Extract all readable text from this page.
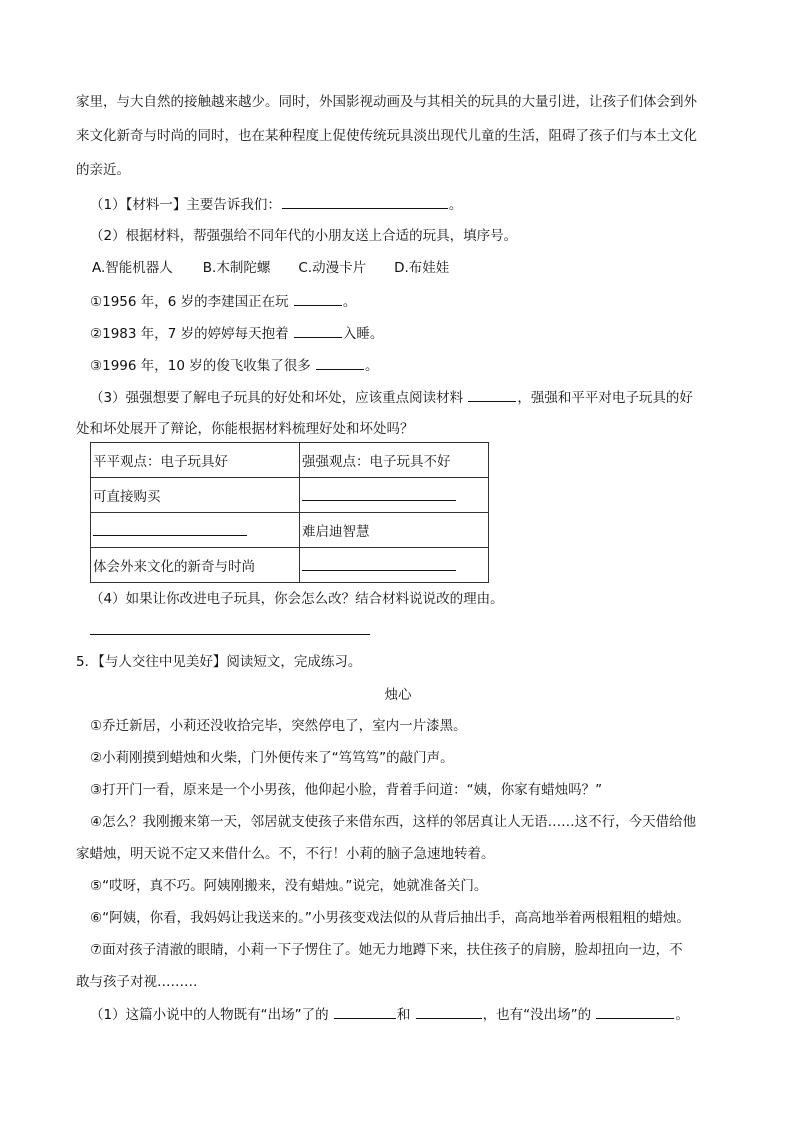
家里，与大自然的接触越来越少。同时，外国影视动画及与其相关的玩具的大量引进，让孩子们体会到外
来文化新奇与时尚的同时，也在某种程度上促使传统玩具淡出现代儿童的生活，阻碍了孩子们与本土文化
的亲近。
（1）【材料一】主要告诉我们：	。
（2）根据材料，帮强强给不同年代的小朋友送上合适的玩具，填序号。
A.智能机器人 B.木制陀螺 C.动漫卡片 D.布娃娃
①1956 年，6 岁的李建国正在玩	。
②1983 年，7 岁的婷婷每天抱着	入睡。
③1996 年，10 岁的俊飞收集了很多	。
（3）强强想要了解电子玩具的好处和坏处，应该重点阅读材料	，强强和平平对电子玩具的好
处和坏处展开了辩论，你能根据材料梳理好处和坏处吗？
平平观点：电子玩具好	强强观点：电子玩具不好
可直接购买	
	难启迪智慧
体会外来文化的新奇与时尚	
（4）如果让你改进电子玩具，你会怎么改？结合材料说说改的理由。
5．【与人交往中见美好】阅读短文，完成练习。
烛心
①乔迁新居，小莉还没收拾完毕，突然停电了，室内一片漆黑。
②小莉刚摸到蜡烛和火柴，门外便传来了“笃笃笃”的敲门声。
③打开门一看，原来是一个小男孩，他仰起小脸，背着手问道：“姨，你家有蜡烛吗？”
④怎么？我刚搬来第一天，邻居就支使孩子来借东西，这样的邻居真让人无语……这不行，今天借给他
家蜡烛，明天说不定又来借什么。不，不行！小莉的脑子急速地转着。
⑤“哎呀，真不巧。阿姨刚搬来，没有蜡烛。”说完，她就准备关门。
⑥“阿姨，你看，我妈妈让我送来的。”小男孩变戏法似的从背后抽出手，高高地举着两根粗粗的蜡烛。
⑦面对孩子清澈的眼睛，小莉一下子愣住了。她无力地蹲下来，扶住孩子的肩膀，脸却扭向一边，不
敢与孩子对视………
（1）这篇小说中的人物既有“出场”了的	和	，也有“没出场”的	。
